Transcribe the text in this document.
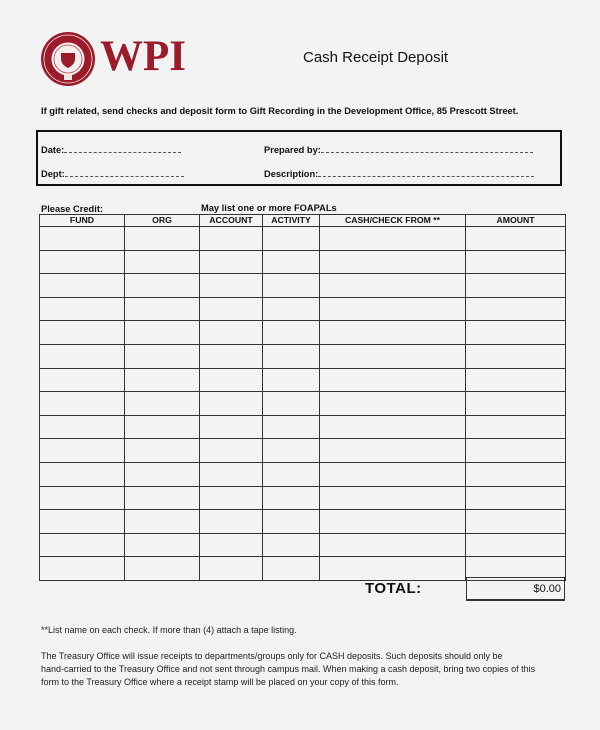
WPI	Cash Receipt Deposit
If gift related, send checks and deposit form to Gift Recording in the Development Office, 85 Prescott Street.
Date:
Dept:
Prepared by:
Description:
Please Credit:	May list one or more FOAPALs
FUND	ORG	ACCOUNT	ACTIVITY	CASH/CHECK FROM **	AMOUNT

TOTAL:	$0.00
**List name on each check. If more than (4) attach a tape listing.
The Treasury Office will issue receipts to departments/groups only for CASH deposits. Such deposits should only be
hand-carried to the Treasury Office and not sent through campus mail. When making a cash deposit, bring two copies of this
form to the Treasury Office where a receipt stamp will be placed on your copy of this form.
